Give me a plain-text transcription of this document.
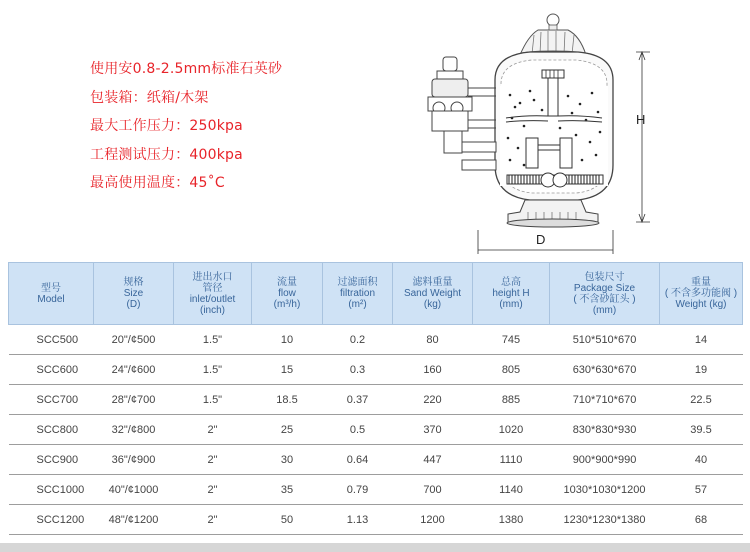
使用安0.8-2.5mm标准石英砂
包装箱：纸箱/木架
最大工作压力：250kpa
工程测试压力：400kpa
最高使用温度：45˚C
H
D
型号
Model	规格
Size
(D)	进出水口
管径
inlet/outlet
(inch)	流量
flow
(m³/h)	过滤面积
filtration
(m²)	滤料重量
Sand Weight
(kg)	总高
height H
(mm)	包装尺寸
Package Size
( 不含砂缸头 )
(mm)	重量
( 不含多功能阀 )
Weight (kg)

SCC500	20"/¢500	1.5"	10	0.2	80	745	510*510*670	14
SCC600	24"/¢600	1.5"	15	0.3	160	805	630*630*670	19
SCC700	28"/¢700	1.5"	18.5	0.37	220	885	710*710*670	22.5
SCC800	32"/¢800	2"	25	0.5	370	1020	830*830*930	39.5
SCC900	36"/¢900	2"	30	0.64	447	1110	900*900*990	40
SCC1000	40"/¢1000	2"	35	0.79	700	1140	1030*1030*1200	57
SCC1200	48"/¢1200	2"	50	1.13	1200	1380	1230*1230*1380	68
